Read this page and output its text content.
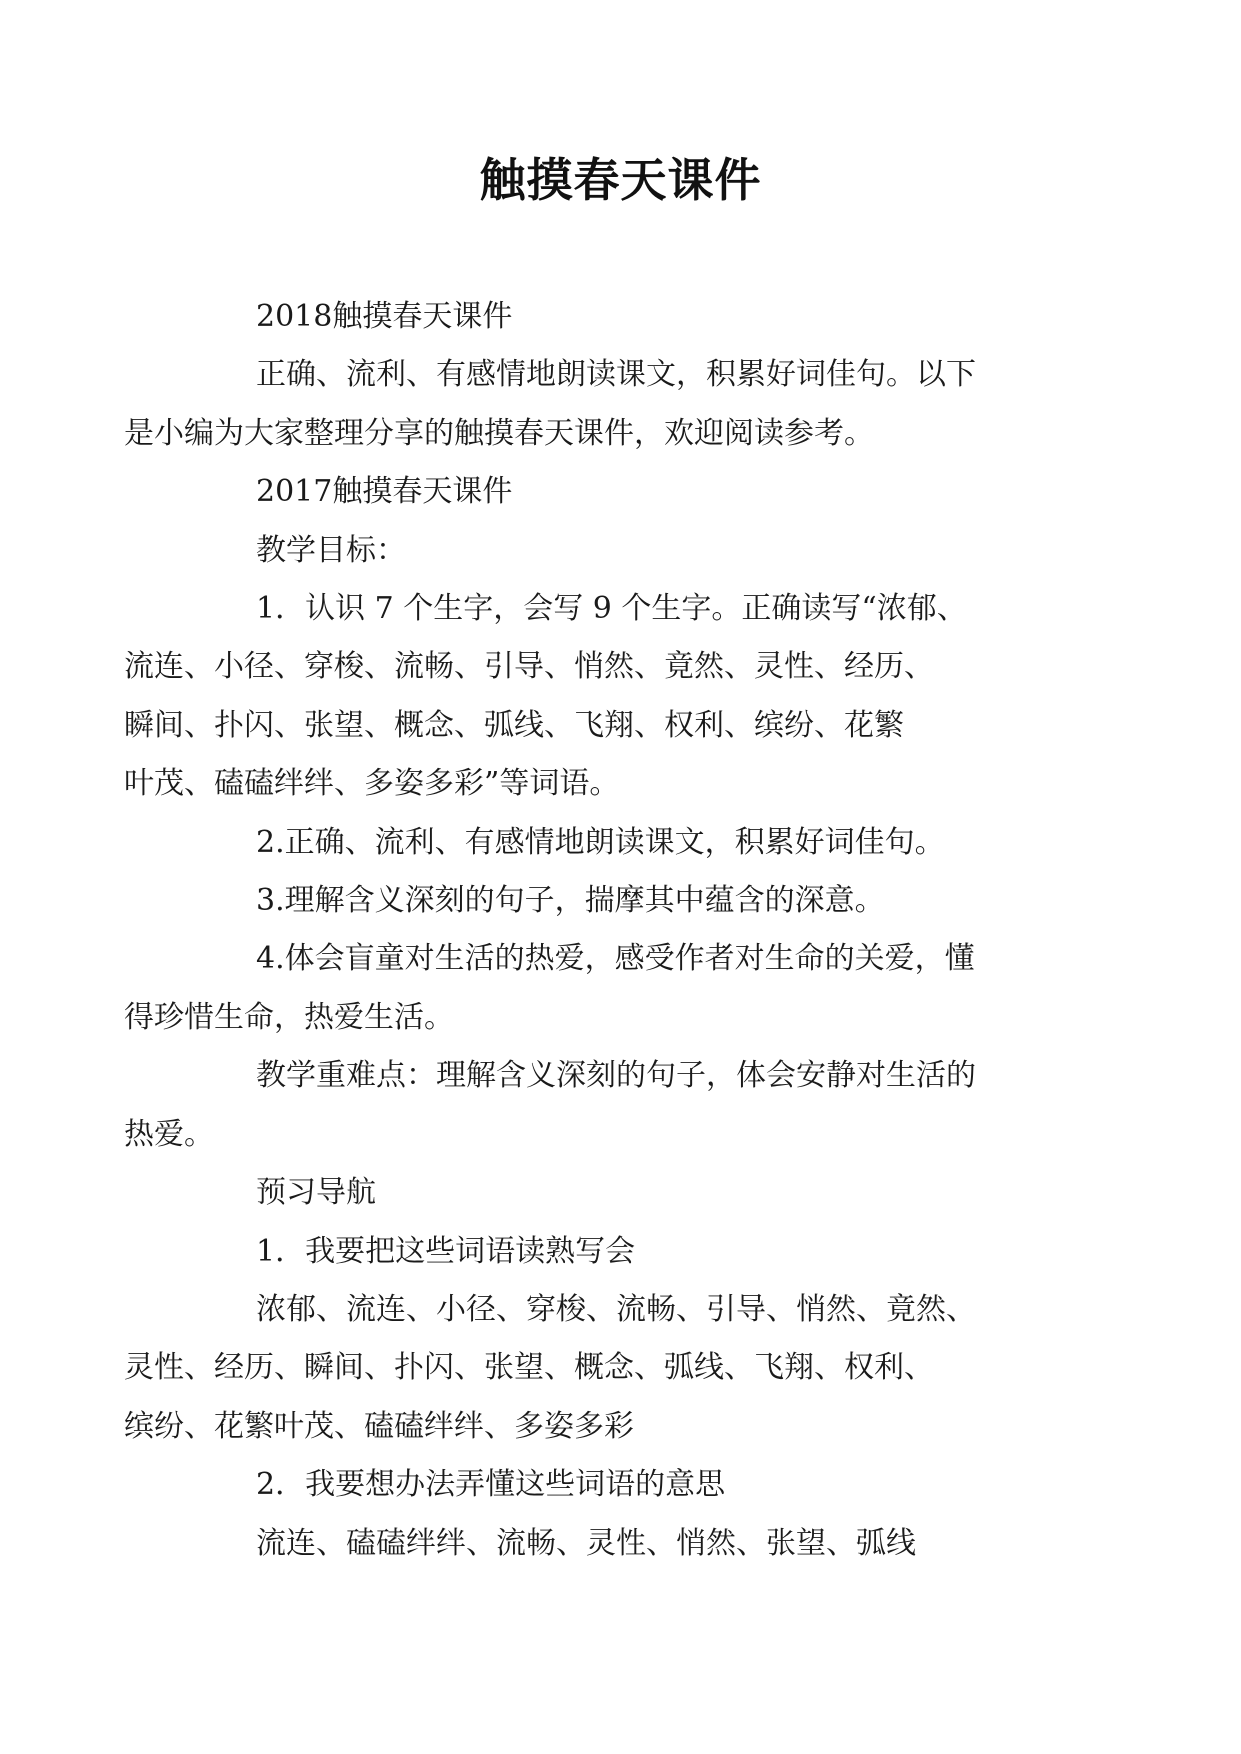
触摸春天课件

2018触摸春天课件

正确、流利、有感情地朗读课文，积累好词佳句。以下
是小编为大家整理分享的触摸春天课件，欢迎阅读参考。

2017触摸春天课件

教学目标：

1．认识 7 个生字，会写 9 个生字。正确读写“浓郁、
流连、小径、穿梭、流畅、引导、悄然、竟然、灵性、经历、
瞬间、扑闪、张望、概念、弧线、飞翔、权利、缤纷、花繁
叶茂、磕磕绊绊、多姿多彩”等词语。

2.正确、流利、有感情地朗读课文，积累好词佳句。

3.理解含义深刻的句子，揣摩其中蕴含的深意。

4.体会盲童对生活的热爱，感受作者对生命的关爱，懂
得珍惜生命，热爱生活。

教学重难点：理解含义深刻的句子，体会安静对生活的
热爱。

预习导航

1．我要把这些词语读熟写会

浓郁、流连、小径、穿梭、流畅、引导、悄然、竟然、
灵性、经历、瞬间、扑闪、张望、概念、弧线、飞翔、权利、
缤纷、花繁叶茂、磕磕绊绊、多姿多彩

2．我要想办法弄懂这些词语的意思

流连、磕磕绊绊、流畅、灵性、悄然、张望、弧线
